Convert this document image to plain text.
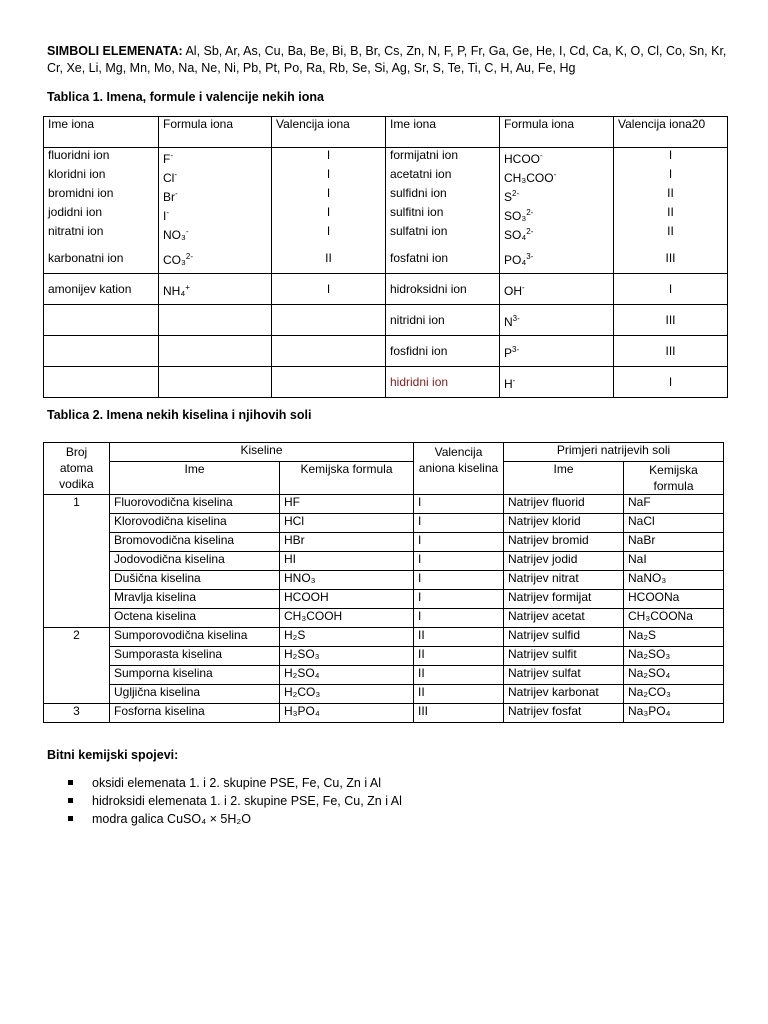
SIMBOLI ELEMENATA: Al, Sb, Ar, As, Cu, Ba, Be, Bi, B, Br, Cs, Zn, N, F, P, Fr, Ga, Ge, He, I, Cd, Ca, K, O, Cl, Co, Sn, Kr, Cr, Xe, Li, Mg, Mn, Mo, Na, Ne, Ni, Pb, Pt, Po, Ra, Rb, Se, Si, Ag, Sr, S, Te, Ti, C, H, Au, Fe, Hg
Tablica 1. Imena, formule i valencije nekih iona
Ime iona	Formula iona	Valencija iona	Ime iona	Formula iona	Valencija iona20
fluoridni ion	F-	I	formijatni ion	HCOO-	I
kloridni ion	Cl-	I	acetatni ion	CH₃COO-	I
bromidni ion	Br-	I	sulfidni ion	$S^{2-}$	II
jodidni ion	I-	I	sulfitni ion	SO₃$^{2-}$	II
nitratni ion	NO₃-	I	sulfatni ion	SO₄$^{2-}$	II
karbonatni ion	CO₃$^{2-}$	II	fosfatni ion	PO₄$^{3-}$	III
amonijev kation	NH₄+	I	hidroksidni ion	OH-	I
			nitridni ion	$N^{3-}$	III
			fosfidni ion	$P^{3-}$	III
			hidridni ion	H-	I
Tablica 2. Imena nekih kiselina i njihovih soli
Broj atoma vodika	Kiseline		Valencija aniona kiselina	Primjeri natrijevih soli	
	Ime	Kemijska formula		Ime	Kemijska formula
1	Fluorovodična kiselina	HF	I	Natrijev fluorid	NaF
	Klorovodična kiselina	HCl	I	Natrijev klorid	NaCl
	Bromovodična kiselina	HBr	I	Natrijev bromid	NaBr
	Jodovodična kiselina	HI	I	Natrijev jodid	NaI
	Dušična kiselina	HNO₃	I	Natrijev nitrat	NaNO₃
	Mravlja kiselina	HCOOH	I	Natrijev formijat	HCOONa
	Octena kiselina	CH₃COOH	I	Natrijev acetat	CH₃COONa
2	Sumporovodična kiselina	H₂S	II	Natrijev sulfid	Na₂S
	Sumporasta kiselina	H₂SO₃	II	Natrijev sulfit	Na₂SO₃
	Sumporna kiselina	H₂SO₄	II	Natrijev sulfat	Na₂SO₄
	Ugljična kiselina	H₂CO₃	II	Natrijev karbonat	Na₂CO₃
3	Fosforna kiselina	H₃PO₄	III	Natrijev fosfat	Na₃PO₄
Bitni kemijski spojevi:
oksidi elemenata 1. i 2. skupine PSE, Fe, Cu, Zn i Al
hidroksidi elemenata 1. i 2. skupine PSE, Fe, Cu, Zn i Al
modra galica CuSO₄ × 5H₂O
